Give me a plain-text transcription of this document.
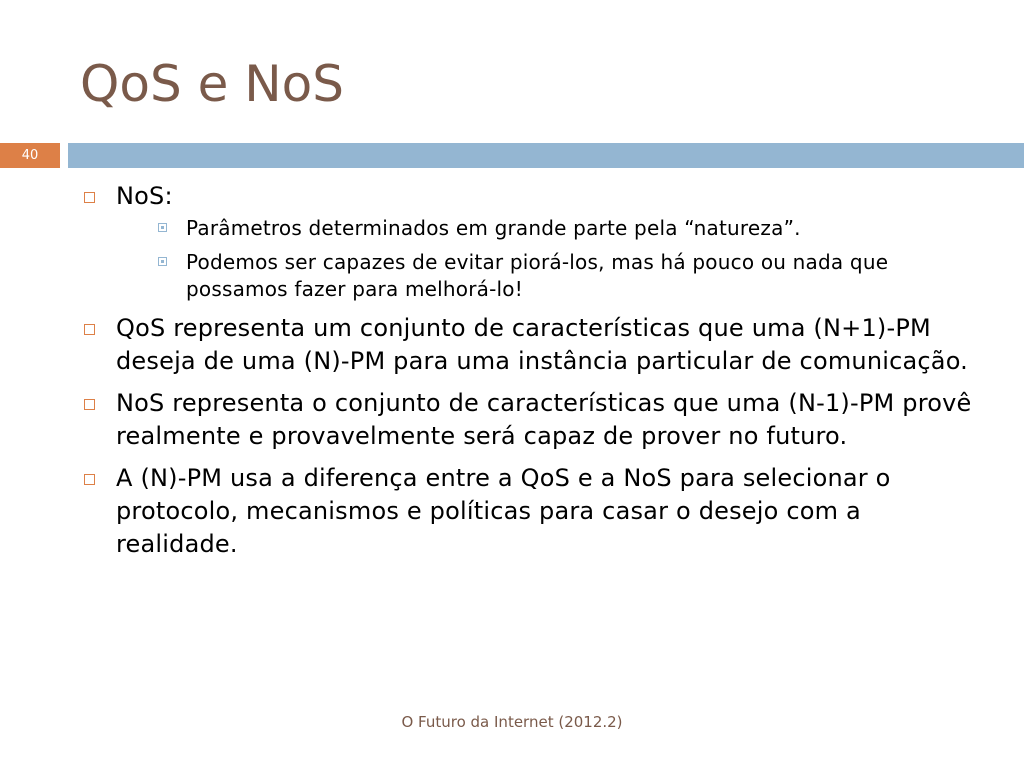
QoS e NoS
40
NoS:
Parâmetros determinados em grande parte pela “natureza”.
Podemos ser capazes de evitar piorá-los, mas há pouco ou nada que possamos fazer para melhorá-lo!
QoS representa um conjunto de características que uma (N+1)-PM deseja de uma (N)-PM para uma instância particular de comunicação.
NoS representa o conjunto de características que uma (N-1)-PM provê realmente e provavelmente será capaz de prover no futuro.
A (N)-PM usa a diferença entre a QoS e a NoS para selecionar o protocolo, mecanismos e políticas para casar o desejo com a realidade.
O Futuro da Internet (2012.2)
